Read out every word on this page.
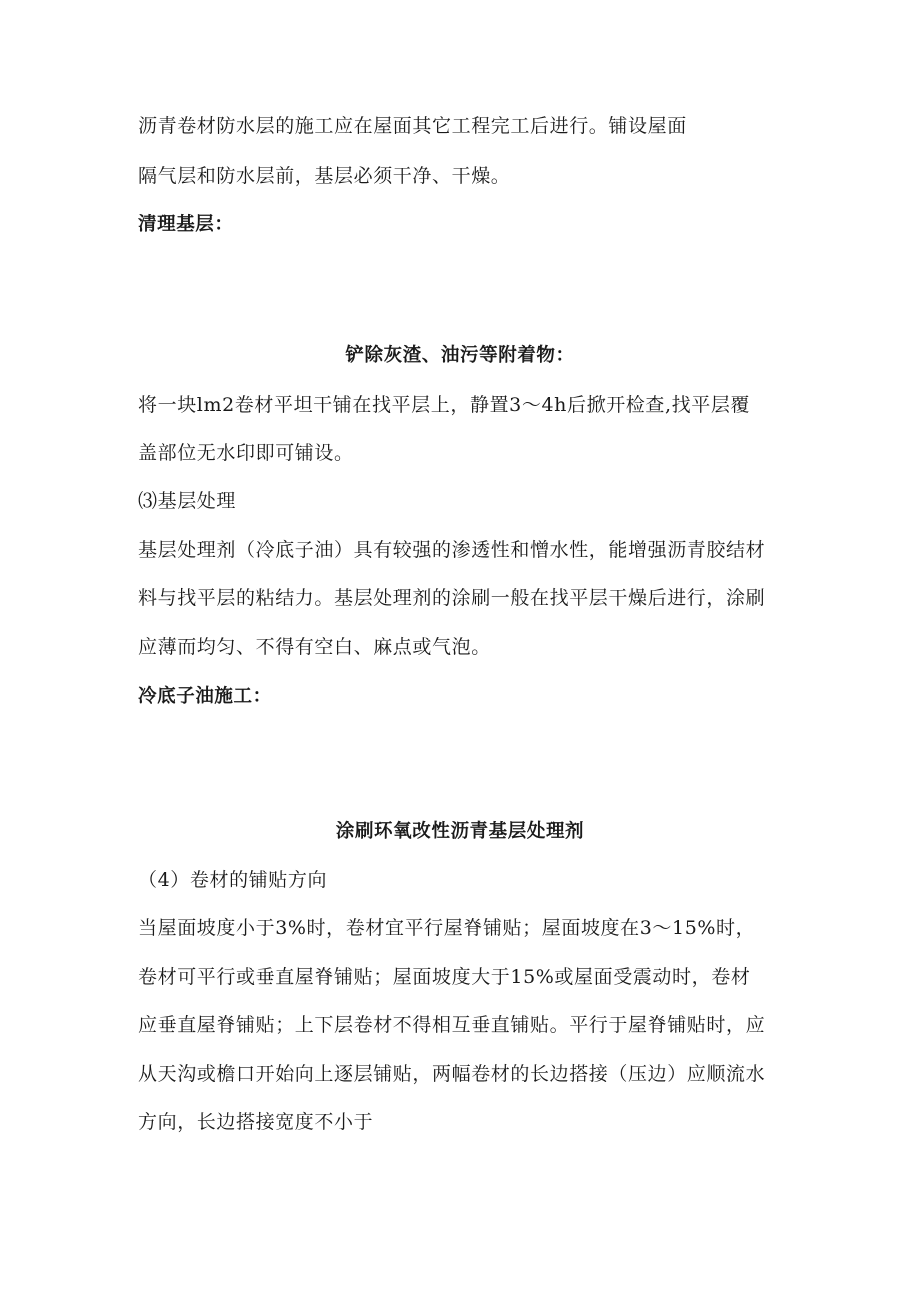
沥青卷材防水层的施工应在屋面其它工程完工后进行。铺设屋面
隔气层和防水层前，基层必须干净、干燥。
清理基层：
铲除灰渣、油污等附着物：
将一块lm2卷材平坦干铺在找平层上，静置3～4h后掀开检查,找平层覆
盖部位无水印即可铺设。
⑶基层处理
基层处理剂（冷底子油）具有较强的渗透性和憎水性，能增强沥青胶结材
料与找平层的粘结力。基层处理剂的涂刷一般在找平层干燥后进行，涂刷
应薄而均匀、不得有空白、麻点或气泡。
冷底子油施工：
涂刷环氧改性沥青基层处理剂
（4）卷材的铺贴方向
当屋面坡度小于3%时，卷材宜平行屋脊铺贴；屋面坡度在3～15%时，
卷材可平行或垂直屋脊铺贴；屋面坡度大于15%或屋面受震动时，卷材
应垂直屋脊铺贴；上下层卷材不得相互垂直铺贴。平行于屋脊铺贴时，应
从天沟或檐口开始向上逐层铺贴，两幅卷材的长边搭接（压边）应顺流水
方向，长边搭接宽度不小于
